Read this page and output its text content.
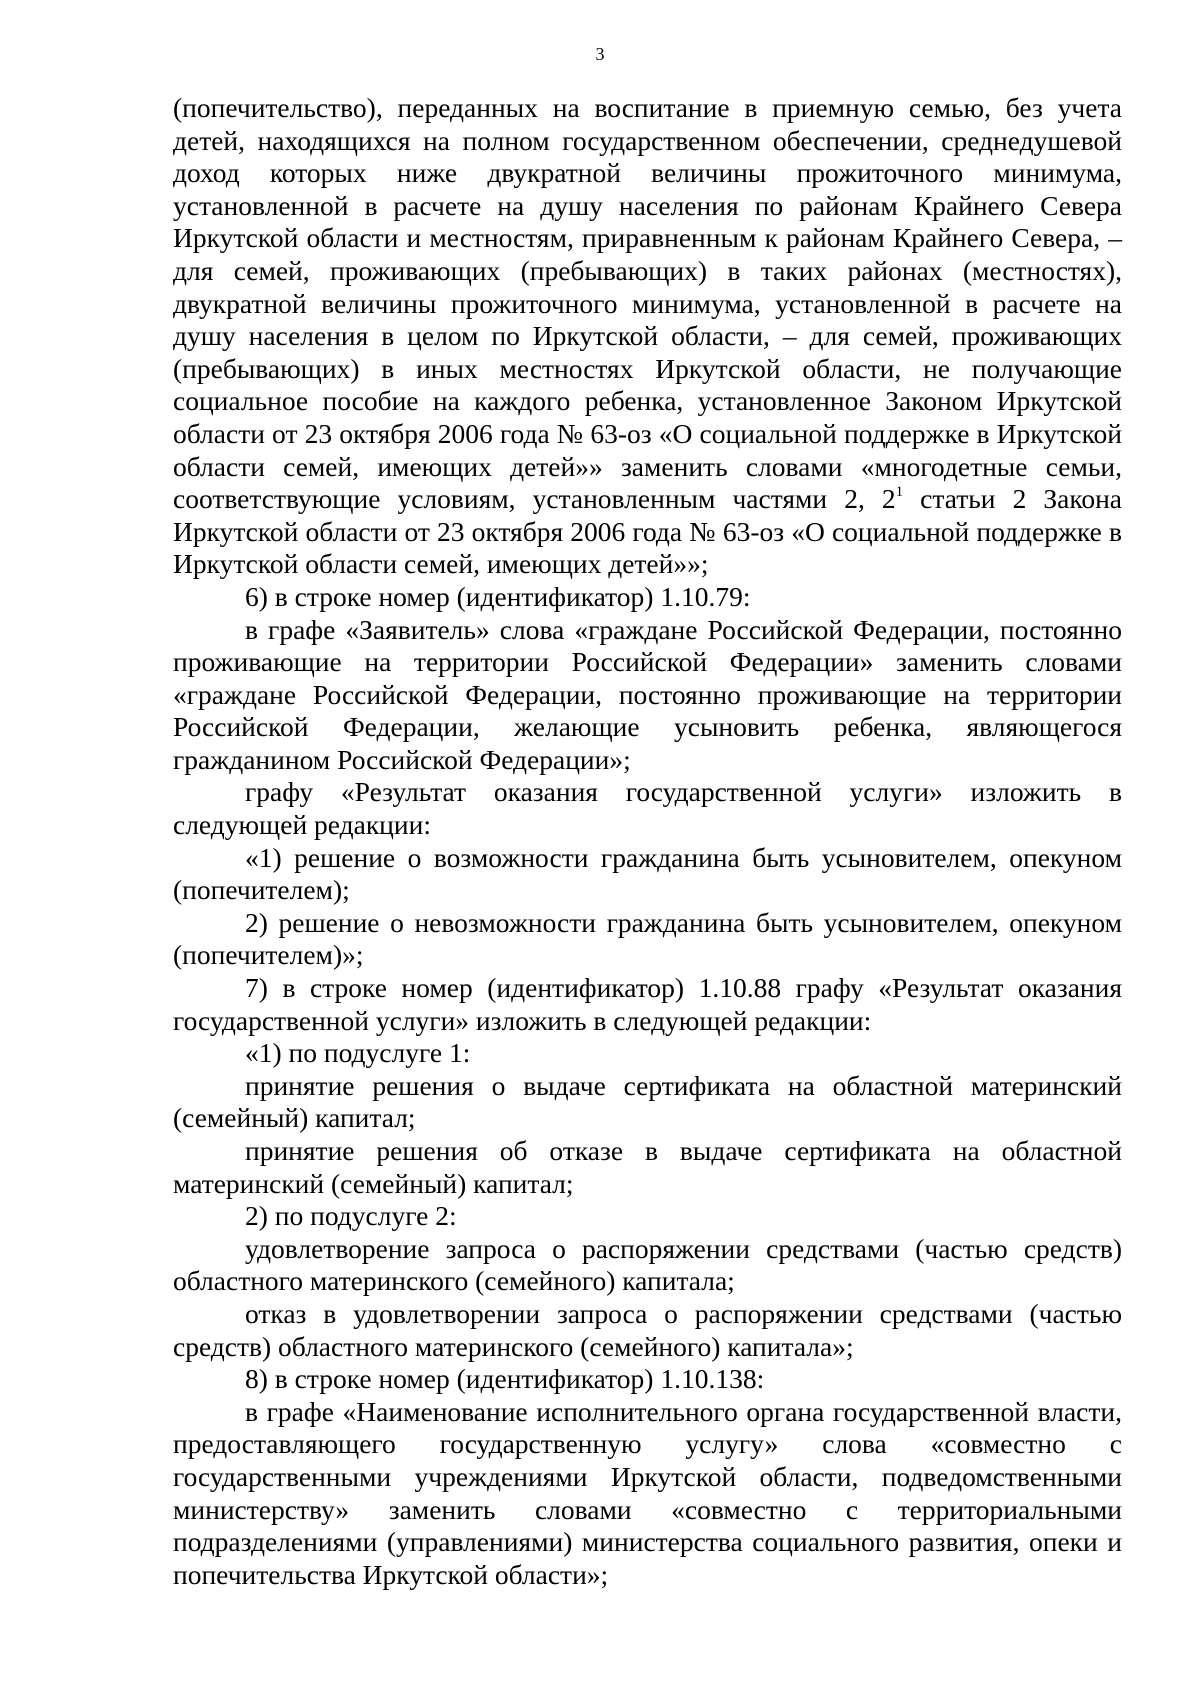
3

(попечительство), переданных на воспитание в приемную семью, без учета детей, находящихся на полном государственном обеспечении, среднедушевой доход которых ниже двукратной величины прожиточного минимума, установленной в расчете на душу населения по районам Крайнего Севера Иркутской области и местностям, приравненным к районам Крайнего Севера, – для семей, проживающих (пребывающих) в таких районах (местностях), двукратной величины прожиточного минимума, установленной в расчете на душу населения в целом по Иркутской области, – для семей, проживающих (пребывающих) в иных местностях Иркутской области, не получающие социальное пособие на каждого ребенка, установленное Законом Иркутской области от 23 октября 2006 года № 63-оз «О социальной поддержке в Иркутской области семей, имеющих детей»» заменить словами «многодетные семьи, соответствующие условиям, установленным частями 2, $2^1$ статьи 2 Закона Иркутской области от 23 октября 2006 года № 63-оз «О социальной поддержке в Иркутской области семей, имеющих детей»»;

6) в строке номер (идентификатор) 1.10.79:

в графе «Заявитель» слова «граждане Российской Федерации, постоянно проживающие на территории Российской Федерации» заменить словами «граждане Российской Федерации, постоянно проживающие на территории Российской Федерации, желающие усыновить ребенка, являющегося гражданином Российской Федерации»;

графу «Результат оказания государственной услуги» изложить в следующей редакции:

«1) решение о возможности гражданина быть усыновителем, опекуном (попечителем);

2) решение о невозможности гражданина быть усыновителем, опекуном (попечителем)»;

7) в строке номер (идентификатор) 1.10.88 графу «Результат оказания государственной услуги» изложить в следующей редакции:

«1) по подуслуге 1:

принятие решения о выдаче сертификата на областной материнский (семейный) капитал;

принятие решения об отказе в выдаче сертификата на областной материнский (семейный) капитал;

2) по подуслуге 2:

удовлетворение запроса о распоряжении средствами (частью средств) областного материнского (семейного) капитала;

отказ в удовлетворении запроса о распоряжении средствами (частью средств) областного материнского (семейного) капитала»;

8) в строке номер (идентификатор) 1.10.138:

в графе «Наименование исполнительного органа государственной власти, предоставляющего государственную услугу» слова «совместно с государственными учреждениями Иркутской области, подведомственными министерству» заменить словами «совместно с территориальными подразделениями (управлениями) министерства социального развития, опеки и попечительства Иркутской области»;
